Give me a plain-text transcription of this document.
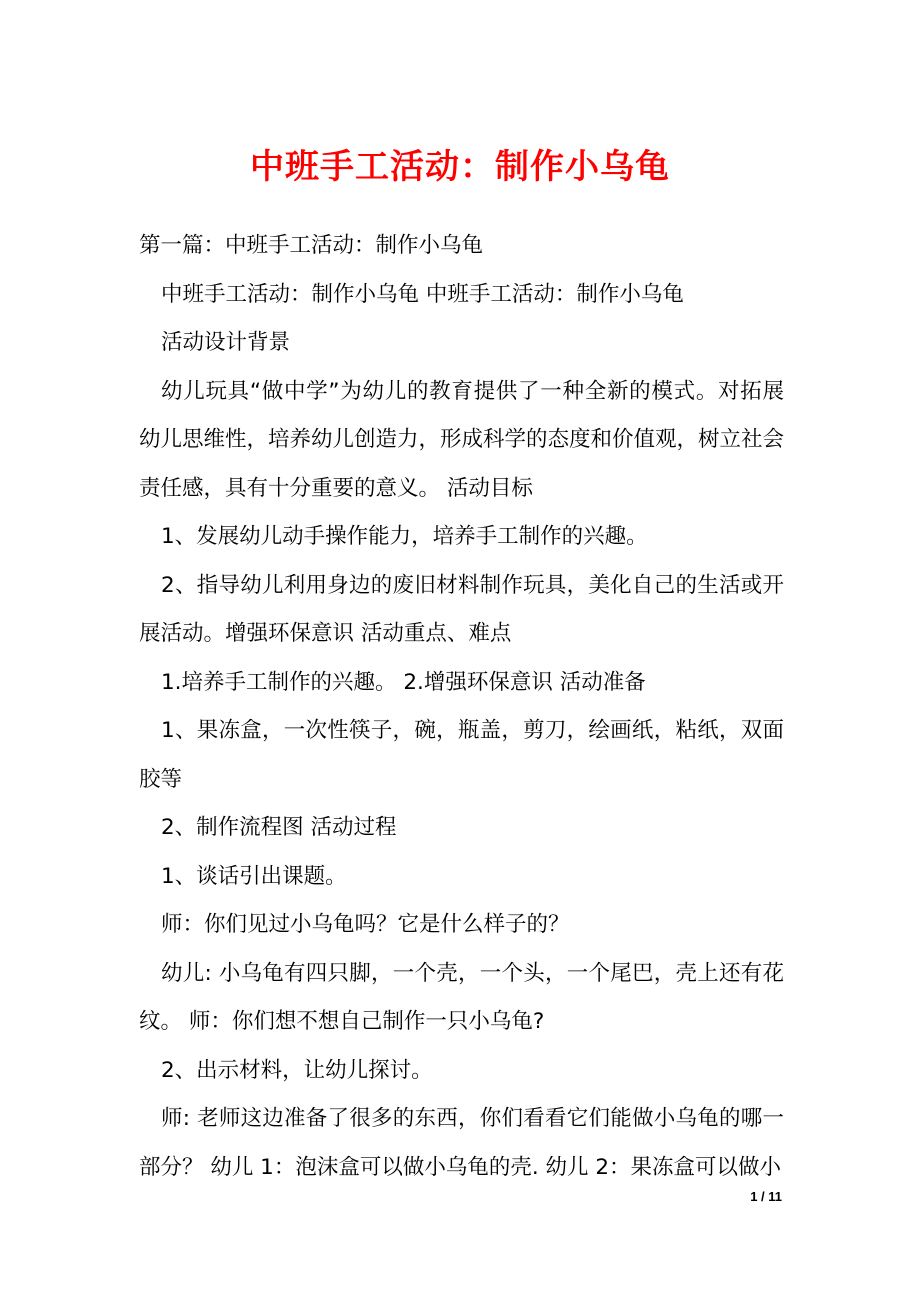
中班手工活动：制作小乌龟

第一篇：中班手工活动：制作小乌龟

中班手工活动：制作小乌龟 中班手工活动：制作小乌龟

活动设计背景

幼儿玩具“做中学”为幼儿的教育提供了一种全新的模式。对拓展幼儿思维性，培养幼儿创造力，形成科学的态度和价值观，树立社会责任感，具有十分重要的意义。 活动目标

1、发展幼儿动手操作能力，培养手工制作的兴趣。

2、指导幼儿利用身边的废旧材料制作玩具，美化自己的生活或开展活动。增强环保意识 活动重点、难点

1.培养手工制作的兴趣。 2.增强环保意识 活动准备

1、果冻盒，一次性筷子，碗，瓶盖，剪刀，绘画纸，粘纸，双面胶等

2、制作流程图 活动过程

1、谈话引出课题。

师：你们见过小乌龟吗？它是什么样子的？

幼儿: 小乌龟有四只脚，一个壳，一个头，一个尾巴，壳上还有花纹。 师：你们想不想自己制作一只小乌龟?

2、出示材料，让幼儿探讨。

师: 老师这边准备了很多的东西，你们看看它们能做小乌龟的哪一部分？ 幼儿 1：泡沫盒可以做小乌龟的壳. 幼儿 2：果冻盒可以做小

1 / 11
